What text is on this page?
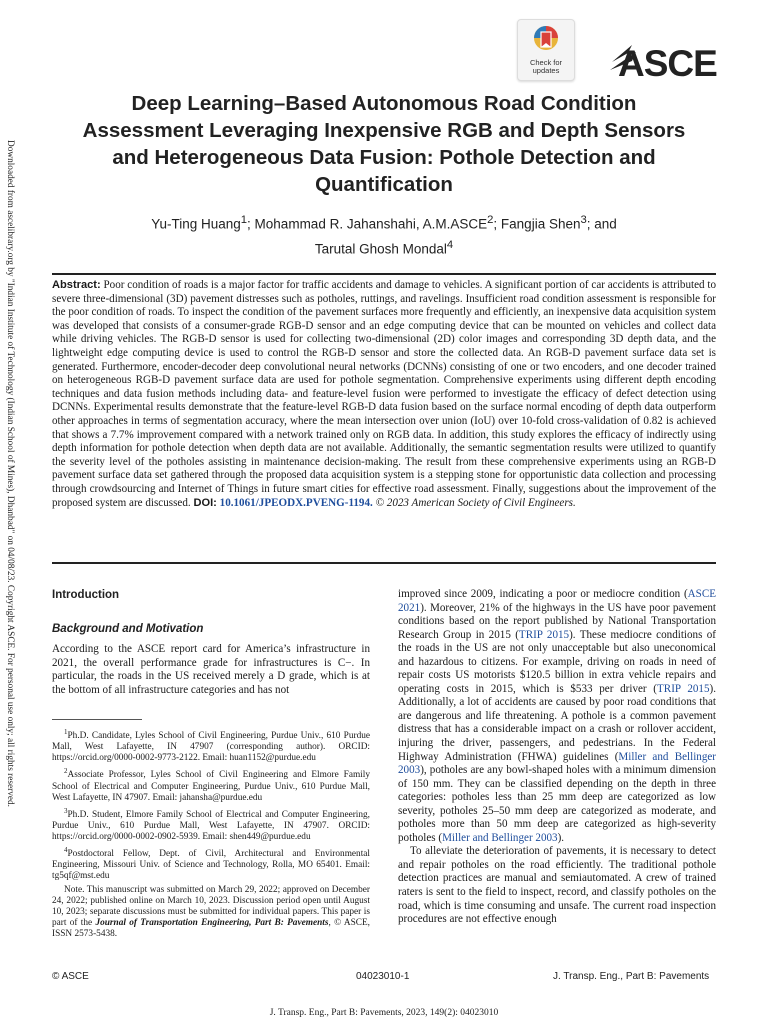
Downloaded from ascelibrary.org by "Indian Institute of Technology (Indian School of Mines), Dhanbad" on 04/08/23. Copyright ASCE. For personal use only; all rights reserved.
Check for
updates	ASCE
Deep Learning–Based Autonomous Road Condition Assessment Leveraging Inexpensive RGB and Depth Sensors and Heterogeneous Data Fusion: Pothole Detection and Quantification
Yu-Ting Huang$^1$; Mohammad R. Jahanshahi, A.M.ASCE$^2$; Fangjia Shen$^3$; and
Tarutal Ghosh Mondal$^4$
Abstract: Poor condition of roads is a major factor for traffic accidents and damage to vehicles. A significant portion of car accidents is attributed to severe three-dimensional (3D) pavement distresses such as potholes, ruttings, and ravelings. Insufficient road condition assessment is responsible for the poor condition of roads. To inspect the condition of the pavement surfaces more frequently and efficiently, an inexpensive data acquisition system was developed that consists of a consumer-grade RGB-D sensor and an edge computing device that can be mounted on vehicles and collect data while driving vehicles. The RGB-D sensor is used for collecting two-dimensional (2D) color images and corresponding 3D depth data, and the lightweight edge computing device is used to control the RGB-D sensor and store the collected data. An RGB-D pavement surface data set is generated. Furthermore, encoder-decoder deep convolutional neural networks (DCNNs) consisting of one or two encoders, and one decoder trained on heterogeneous RGB-D pavement surface data are used for pothole segmentation. Comprehensive experiments using different depth encoding techniques and data fusion methods including data- and feature-level fusion were performed to investigate the efficacy of defect detection using DCNNs. Experimental results demonstrate that the feature-level RGB-D data fusion based on the surface normal encoding of depth data outperform other approaches in terms of segmentation accuracy, where the mean intersection over union (IoU) over 10-fold cross-validation of 0.82 is achieved that shows a 7.7% improvement compared with a network trained only on RGB data. In addition, this study explores the efficacy of indirectly using depth information for pothole detection when depth data are not available. Additionally, the semantic segmentation results were utilized to quantify the severity level of the potholes assisting in maintenance decision-making. The result from these comprehensive experiments using an RGB-D pavement surface data set gathered through the proposed data acquisition system is a stepping stone for opportunistic data collection and processing through crowdsourcing and Internet of Things in future smart cities for effective road assessment. Finally, suggestions about the improvement of the proposed system are discussed. DOI: 10.1061/JPEODX.PVENG-1194. © 2023 American Society of Civil Engineers.
Introduction
Background and Motivation

According to the ASCE report card for America’s infrastructure in 2021, the overall performance grade for infrastructures is C−. In particular, the roads in the US received merely a D grade, which is at the bottom of all infrastructure categories and has not

$^1$Ph.D. Candidate, Lyles School of Civil Engineering, Purdue Univ., 610 Purdue Mall, West Lafayette, IN 47907 (corresponding author). ORCID: https://orcid.org/0000-0002-9773-2122. Email: huan1152@purdue.edu

$^2$Associate Professor, Lyles School of Civil Engineering and Elmore Family School of Electrical and Computer Engineering, Purdue Univ., 610 Purdue Mall, West Lafayette, IN 47907. Email: jahansha@purdue.edu

$^3$Ph.D. Student, Elmore Family School of Electrical and Computer Engineering, Purdue Univ., 610 Purdue Mall, West Lafayette, IN 47907. ORCID: https://orcid.org/0000-0002-0902-5939. Email: shen449@purdue.edu

$^4$Postdoctoral Fellow, Dept. of Civil, Architectural and Environmental Engineering, Missouri Univ. of Science and Technology, Rolla, MO 65401. Email: tg5qf@mst.edu

Note. This manuscript was submitted on March 29, 2022; approved on December 24, 2022; published online on March 10, 2023. Discussion period open until August 10, 2023; separate discussions must be submitted for individual papers. This paper is part of the Journal of Transportation Engineering, Part B: Pavements, © ASCE, ISSN 2573-5438.

improved since 2009, indicating a poor or mediocre condition (ASCE 2021). Moreover, 21% of the highways in the US have poor pavement conditions based on the report published by National Transportation Research Group in 2015 (TRIP 2015). These mediocre conditions of the roads in the US are not only unacceptable but also uneconomical and hazardous to citizens. For example, driving on roads in need of repair costs US motorists $120.5 billion in extra vehicle repairs and operating costs in 2015, which is $533 per driver (TRIP 2015). Additionally, a lot of accidents are caused by poor road conditions that are dangerous and life threatening. A pothole is a common pavement distress that has a considerable impact on a crash or rollover accident, injuring the driver, passengers, and pedestrians. In the Federal Highway Administration (FHWA) guidelines (Miller and Bellinger 2003), potholes are any bowl-shaped holes with a minimum dimension of 150 mm. They can be classified depending on the depth in three categories: potholes less than 25 mm deep are categorized as low severity, potholes 25–50 mm deep are categorized as moderate, and potholes more than 50 mm deep are categorized as high-severity potholes (Miller and Bellinger 2003).

To alleviate the deterioration of pavements, it is necessary to detect and repair potholes on the road efficiently. The traditional pothole detection practices are manual and semiautomated. A crew of trained raters is sent to the field to inspect, record, and classify potholes on the road, which is time consuming and unsafe. The current road inspection procedures are not effective enough

© ASCE	04023010-1	J. Transp. Eng., Part B: Pavements
J. Transp. Eng., Part B: Pavements, 2023, 149(2): 04023010
